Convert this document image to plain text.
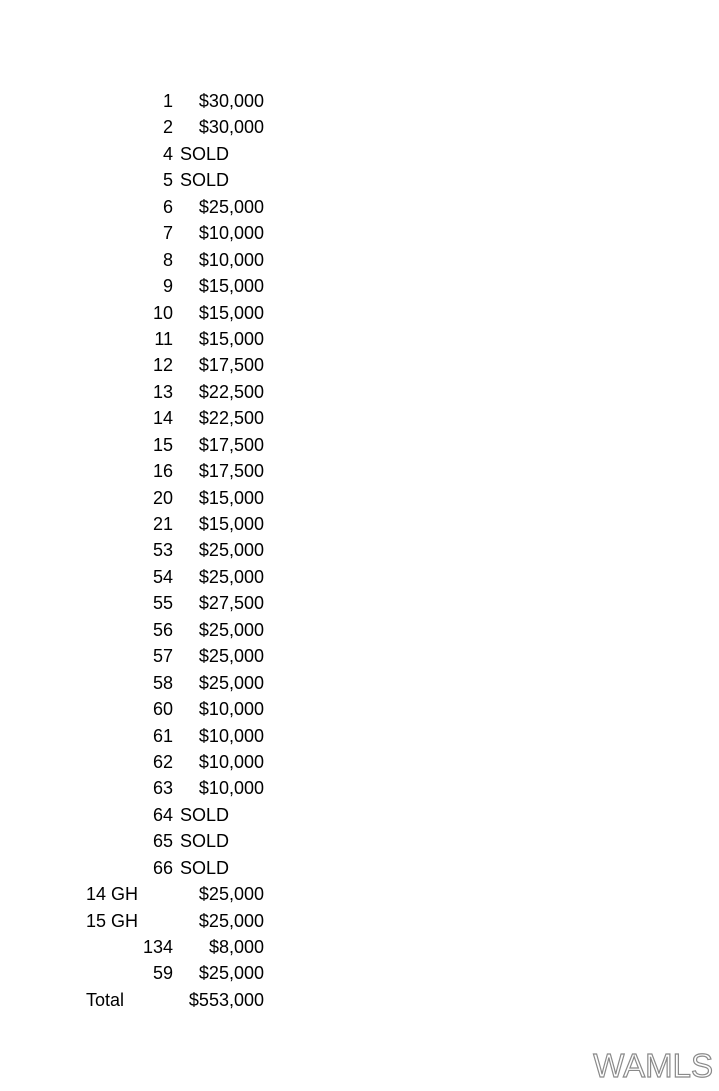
1	$30,000
2	$30,000
4 SOLD
5 SOLD
6	$25,000
7	$10,000
8	$10,000
9	$15,000
10	$15,000
11	$15,000
12	$17,500
13	$22,500
14	$22,500
15	$17,500
16	$17,500
20	$15,000
21	$15,000
53	$25,000
54	$25,000
55	$27,500
56	$25,000
57	$25,000
58	$25,000
60	$10,000
61	$10,000
62	$10,000
63	$10,000
64 SOLD
65 SOLD
66 SOLD
14 GH	$25,000
15 GH	$25,000
134	$8,000
59	$25,000
Total	$553,000
WAMLS
